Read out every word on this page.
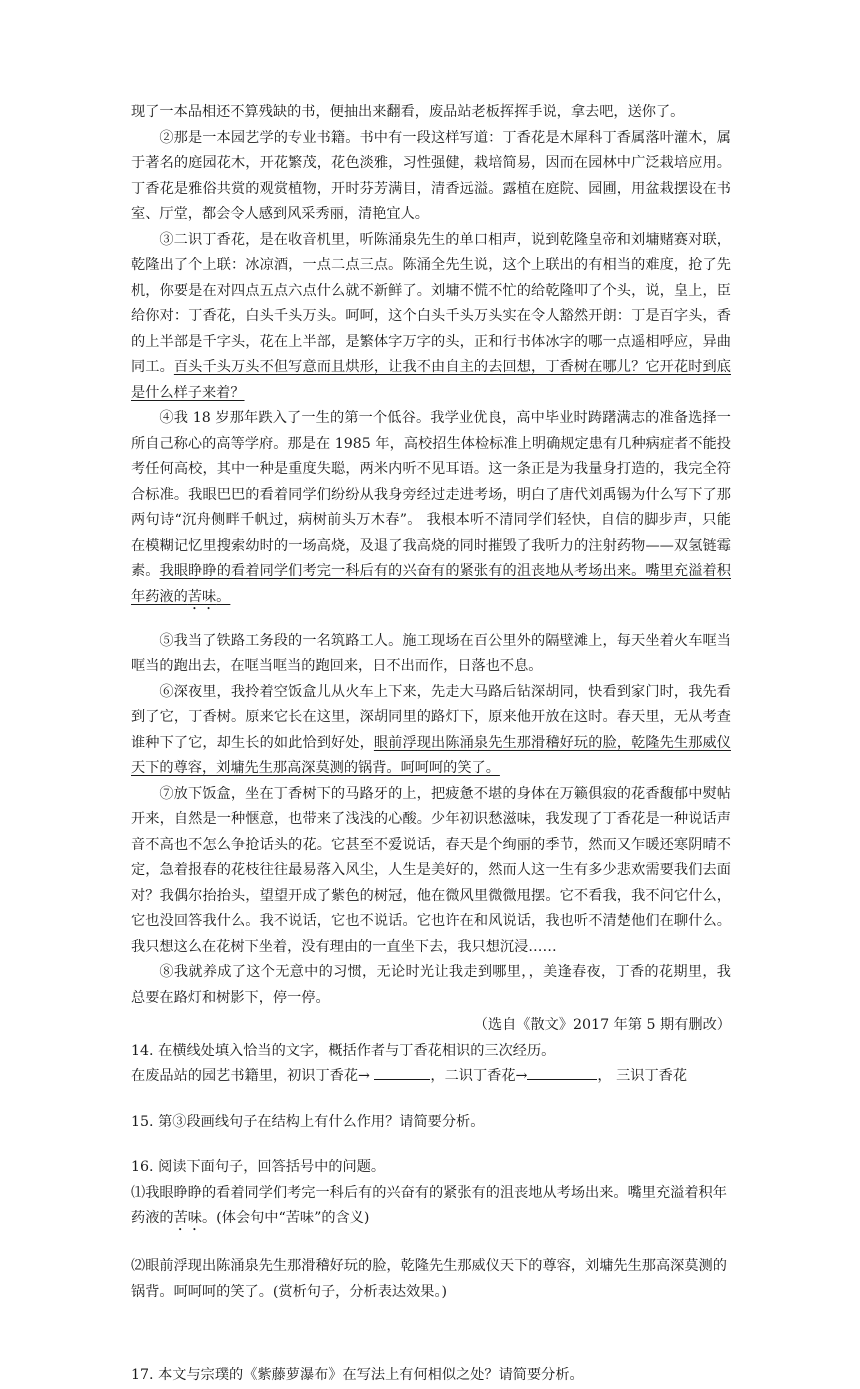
现了一本品相还不算残缺的书，便抽出来翻看，废品站老板挥挥手说，拿去吧，送你了。

②那是一本园艺学的专业书籍。书中有一段这样写道：丁香花是木犀科丁香属落叶灌木，属于著名的庭园花木，开花繁茂，花色淡雅，习性强健，栽培简易，因而在园林中广泛栽培应用。丁香花是雅俗共赏的观赏植物，开时芬芳满目，清香远溢。露植在庭院、园圃，用盆栽摆设在书室、厅堂，都会令人感到风采秀丽，清艳宜人。

③二识丁香花，是在收音机里，听陈涌泉先生的单口相声，说到乾隆皇帝和刘墉赌赛对联，乾隆出了个上联：冰凉酒，一点二点三点。陈涌全先生说，这个上联出的有相当的难度，抢了先机，你要是在对四点五点六点什么就不新鲜了。刘墉不慌不忙的给乾隆叩了个头，说，皇上，臣给你对：丁香花，白头千头万头。呵呵，这个白头千头万头实在令人豁然开朗：丁是百字头，香的上半部是千字头，花在上半部，是繁体字万字的头，正和行书体冰字的哪一点遥相呼应，异曲同工。百头千头万头不但写意而且烘形，让我不由自主的去回想，丁香树在哪儿？它开花时到底是什么样子来着？

④我 18 岁那年跌入了一生的第一个低谷。我学业优良，高中毕业时踌躇满志的准备选择一所自己称心的高等学府。那是在 1985 年，高校招生体检标准上明确规定患有几种病症者不能投考任何高校，其中一种是重度失聪，两米内听不见耳语。这一条正是为我量身打造的，我完全符合标准。我眼巴巴的看着同学们纷纷从我身旁经过走进考场，明白了唐代刘禹锡为什么写下了那两句诗“沉舟侧畔千帆过，病树前头万木春”。 我根本听不清同学们轻快，自信的脚步声，只能在模糊记忆里搜索幼时的一场高烧，及退了我高烧的同时摧毁了我听力的注射药物——双氢链霉素。我眼睁睁的看着同学们考完一科后有的兴奋有的紧张有的沮丧地从考场出来。嘴里充溢着积年药液的苦味。

⑤我当了铁路工务段的一名筑路工人。施工现场在百公里外的隔壁滩上，每天坐着火车哐当哐当的跑出去，在哐当哐当的跑回来，日不出而作，日落也不息。

⑥深夜里，我拎着空饭盒儿从火车上下来，先走大马路后钻深胡同，快看到家门时，我先看到了它，丁香树。原来它长在这里，深胡同里的路灯下，原来他开放在这时。春天里，无从考查谁种下了它，却生长的如此恰到好处，眼前浮现出陈涌泉先生那滑稽好玩的脸，乾隆先生那威仪天下的尊容，刘墉先生那高深莫测的锅背。呵呵呵的笑了。

⑦放下饭盒，坐在丁香树下的马路牙的上，把疲惫不堪的身体在万籁俱寂的花香馥郁中熨帖开来，自然是一种惬意，也带来了浅浅的心酸。少年初识愁滋味，我发现了丁香花是一种说话声音不高也不怎么争抢话头的花。它甚至不爱说话，春天是个绚丽的季节，然而又乍暖还寒阴晴不定，急着报春的花枝往往最易落入风尘，人生是美好的，然而人这一生有多少悲欢需要我们去面对？我偶尔抬抬头，望望开成了紫色的树冠，他在微风里微微甩摆。它不看我，我不问它什么，它也没回答我什么。我不说话，它也不说话。它也许在和风说话，我也听不清楚他们在聊什么。我只想这么在花树下坐着，没有理由的一直坐下去，我只想沉浸……

⑧我就养成了这个无意中的习惯，无论时光让我走到哪里，，美逢春夜，丁香的花期里，我总要在路灯和树影下，停一停。

（选自《散文》2017 年第 5 期有删改）

14. 在横线处填入恰当的文字，概括作者与丁香花相识的三次经历。

在废品站的园艺书籍里，初识丁香花→	，二识丁香花→	， 三识丁香花

15. 第③段画线句子在结构上有什么作用？请简要分析。

16. 阅读下面句子，回答括号中的问题。

⑴我眼睁睁的看着同学们考完一科后有的兴奋有的紧张有的沮丧地从考场出来。嘴里充溢着积年药液的苦味。(体会句中“苦味”的含义)

⑵眼前浮现出陈涌泉先生那滑稽好玩的脸，乾隆先生那威仪天下的尊容，刘墉先生那高深莫测的锅背。呵呵呵的笑了。(赏析句子，分析表达效果。)

17. 本文与宗璞的《紫藤萝瀑布》在写法上有何相似之处？请简要分析。
